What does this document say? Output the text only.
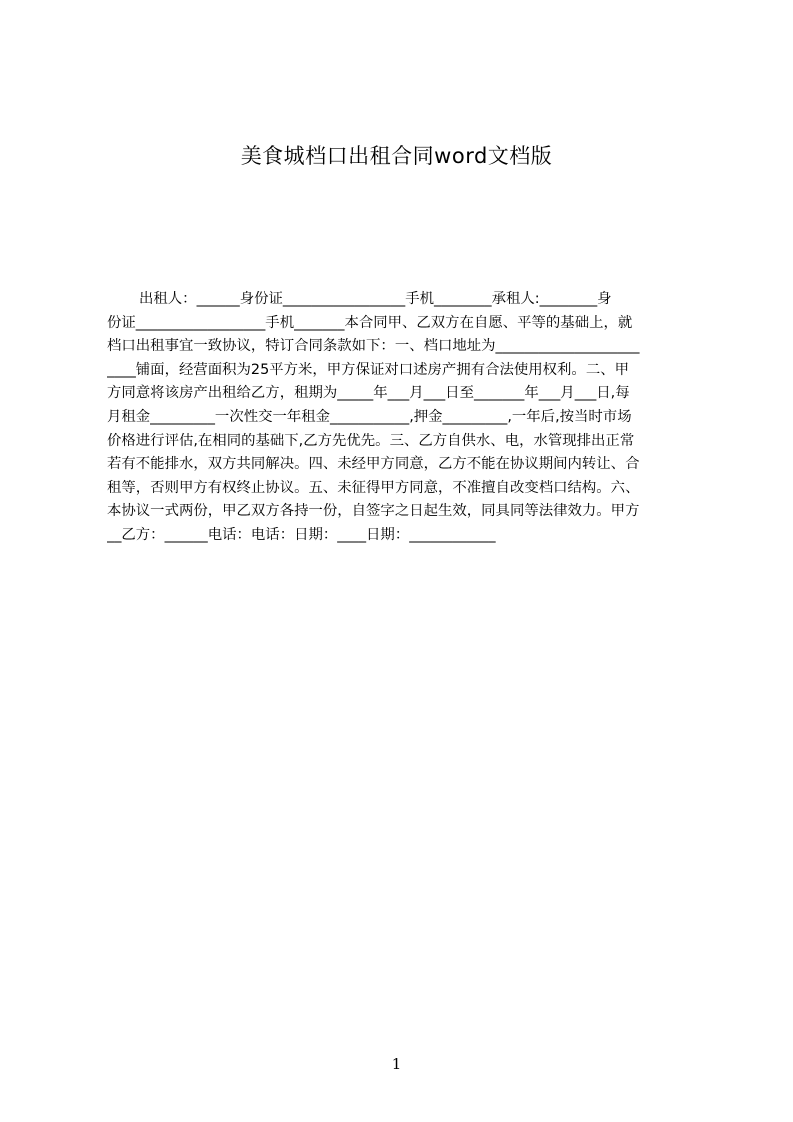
美食城档口出租合同word文档版
出租人：______身份证_________________手机________承租人:________身
份证__________________手机_______本合同甲、乙双方在自愿、平等的基础上，就
档口出租事宜一致协议，特订合同条款如下：一、档口地址为____________________
____铺面，经营面积为25平方米，甲方保证对口述房产拥有合法使用权利。二、甲
方同意将该房产出租给乙方，租期为_____年___月___日至_______年___月___日,每
月租金_________一次性交一年租金___________,押金_________,一年后,按当时市场
价格进行评估,在相同的基础下,乙方先优先。三、乙方自供水、电，水管现排出正常
若有不能排水，双方共同解决。四、未经甲方同意，乙方不能在协议期间内转让、合
租等，否则甲方有权终止协议。五、未征得甲方同意，不准擅自改变档口结构。六、
本协议一式两份，甲乙双方各持一份，自签字之日起生效，同具同等法律效力。甲方
__乙方：______电话：电话：日期：____日期：____________
1
